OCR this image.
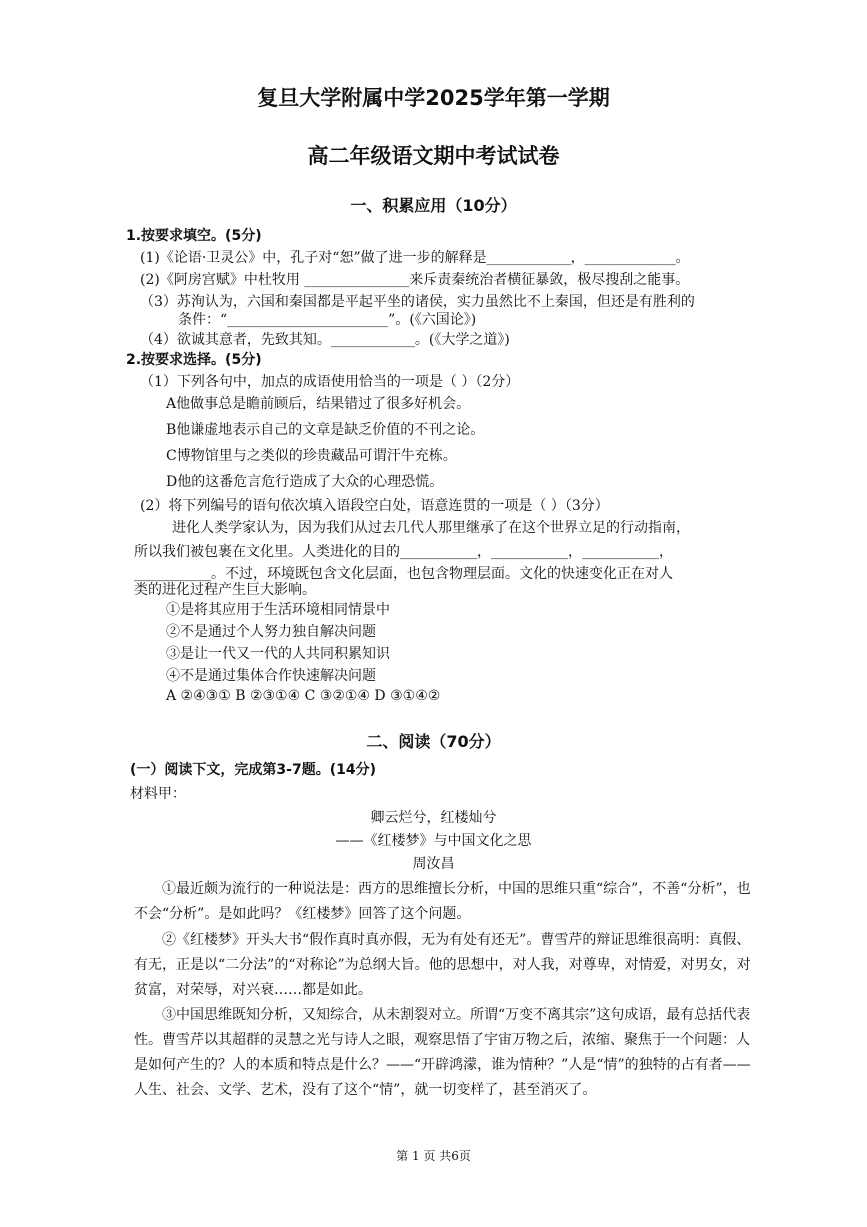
复旦大学附属中学2025学年第一学期
高二年级语文期中考试试卷
一、积累应用（10分）
1.按要求填空。(5分)
(1)《论语·卫灵公》中，孔子对“恕”做了进一步的解释是____________，_____________。
(2)《阿房宫赋》中杜牧用 _______________来斥责秦统治者横征暴敛，极尽搜刮之能事。
（3）苏洵认为，六国和秦国都是平起平坐的诸侯，实力虽然比不上秦国，但还是有胜利的
条件：“_______________________”。(《六国论》)
（4）欲诚其意者，先致其知。____________。(《大学之道》)
2.按要求选择。(5分)
（1）下列各句中，加点的成语使用恰当的一项是（ ）（2分）
A他做事总是瞻前顾后，结果错过了很多好机会。
B他谦虚地表示自己的文章是缺乏价值的不刊之论。
C博物馆里与之类似的珍贵藏品可谓汗牛充栋。
D他的这番危言危行造成了大众的心理恐慌。
(2）将下列编号的语句依次填入语段空白处，语意连贯的一项是（ ）（3分）
进化人类学家认为，因为我们从过去几代人那里继承了在这个世界立足的行动指南，
所以我们被包裹在文化里。人类进化的目的___________，___________，___________，
___________。不过，环境既包含文化层面，也包含物理层面。文化的快速变化正在对人
类的进化过程产生巨大影响。
①是将其应用于生活环境相同情景中
②不是通过个人努力独自解决问题
③是让一代又一代的人共同积累知识
④不是通过集体合作快速解决问题
A ②④③① B ②③①④ C ③②①④ D ③①④②
二、阅读（70分）
(一）阅读下文，完成第3-7题。(14分)
材料甲：
卿云烂兮，红楼灿兮
——《红楼梦》与中国文化之思
周汝昌
①最近颇为流行的一种说法是：西方的思维擅长分析，中国的思维只重“综合”，不善“分析”，也不会“分析”。是如此吗？《红楼梦》回答了这个问题。
②《红楼梦》开头大书“假作真时真亦假，无为有处有还无”。曹雪芹的辩证思维很高明：真假、有无，正是以“二分法”的“对称论”为总纲大旨。他的思想中，对人我，对尊卑，对情爱，对男女，对贫富，对荣辱，对兴衰……都是如此。
③中国思维既知分析，又知综合，从未割裂对立。所谓“万变不离其宗”这句成语，最有总括代表性。曹雪芹以其超群的灵慧之光与诗人之眼，观察思悟了宇宙万物之后，浓缩、聚焦于一个问题：人是如何产生的？人的本质和特点是什么？——“开辟鸿濛，谁为情种？”人是“情”的独特的占有者——人生、社会、文学、艺术，没有了这个“情”，就一切变样了，甚至消灭了。
第 1 页 共6页
